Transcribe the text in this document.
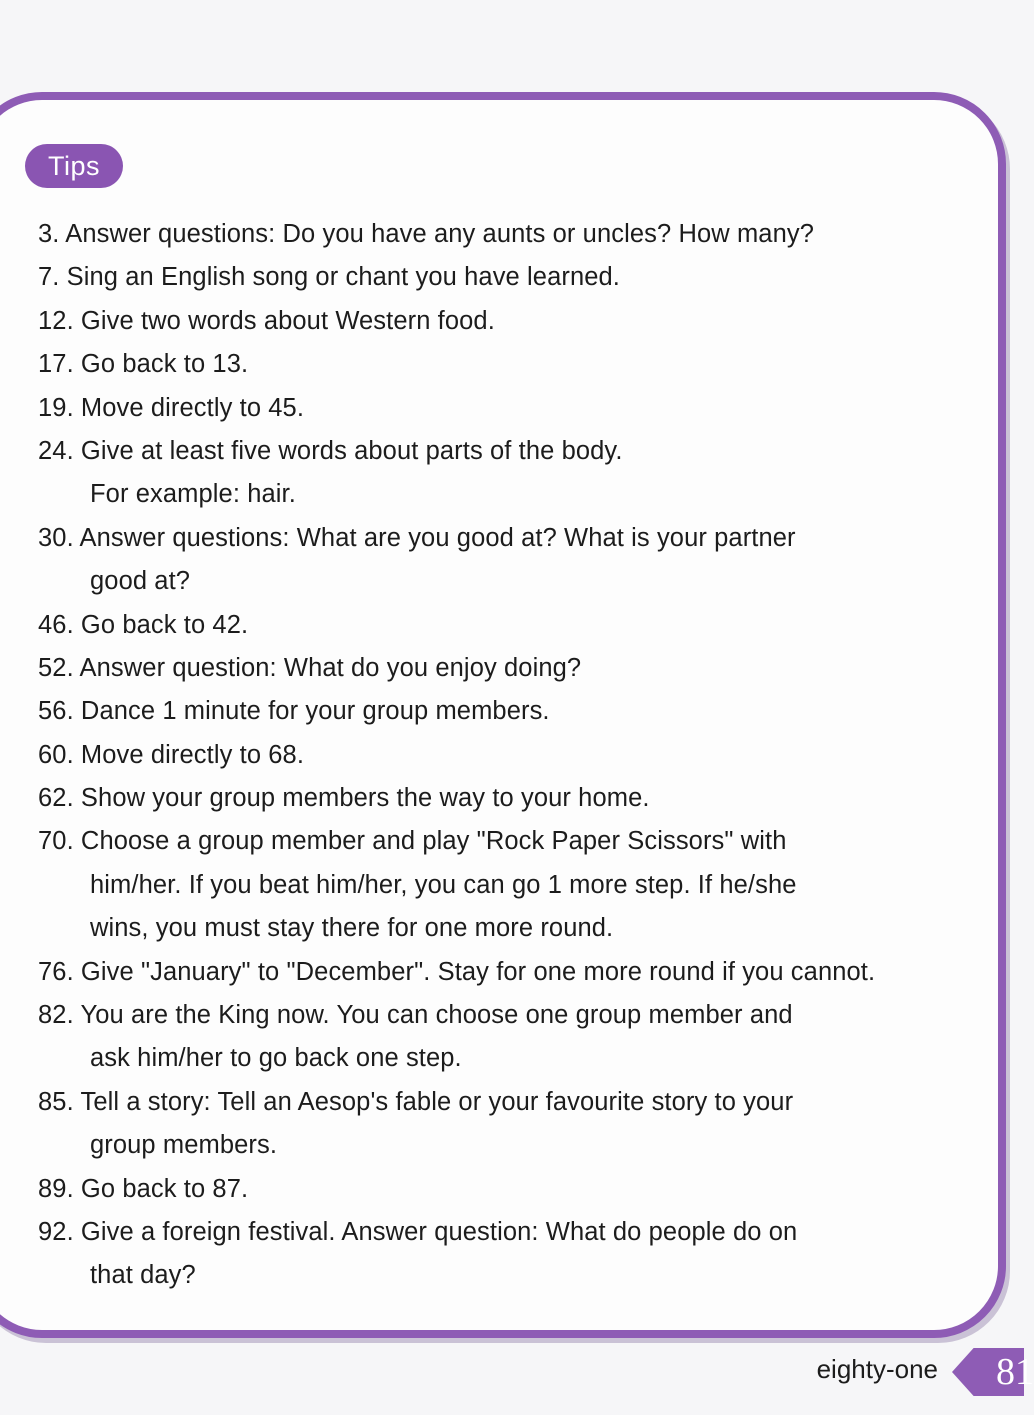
Tips
3. Answer questions: Do you have any aunts or uncles? How many?
7. Sing an English song or chant you have learned.
12. Give two words about Western food.
17. Go back to 13.
19. Move directly to 45.
24. Give at least five words about parts of the body.
For example: hair.
30. Answer questions: What are you good at? What is your partner
good at?
46. Go back to 42.
52. Answer question: What do you enjoy doing?
56. Dance 1 minute for your group members.
60. Move directly to 68.
62. Show your group members the way to your home.
70. Choose a group member and play "Rock Paper Scissors" with
him/her. If you beat him/her, you can go 1 more step. If he/she
wins, you must stay there for one more round.
76. Give "January" to "December". Stay for one more round if you cannot.
82. You are the King now. You can choose one group member and
ask him/her to go back one step.
85. Tell a story: Tell an Aesop's fable or your favourite story to your
group members.
89. Go back to 87.
92. Give a foreign festival. Answer question: What do people do on
that day?
eighty-one 81
